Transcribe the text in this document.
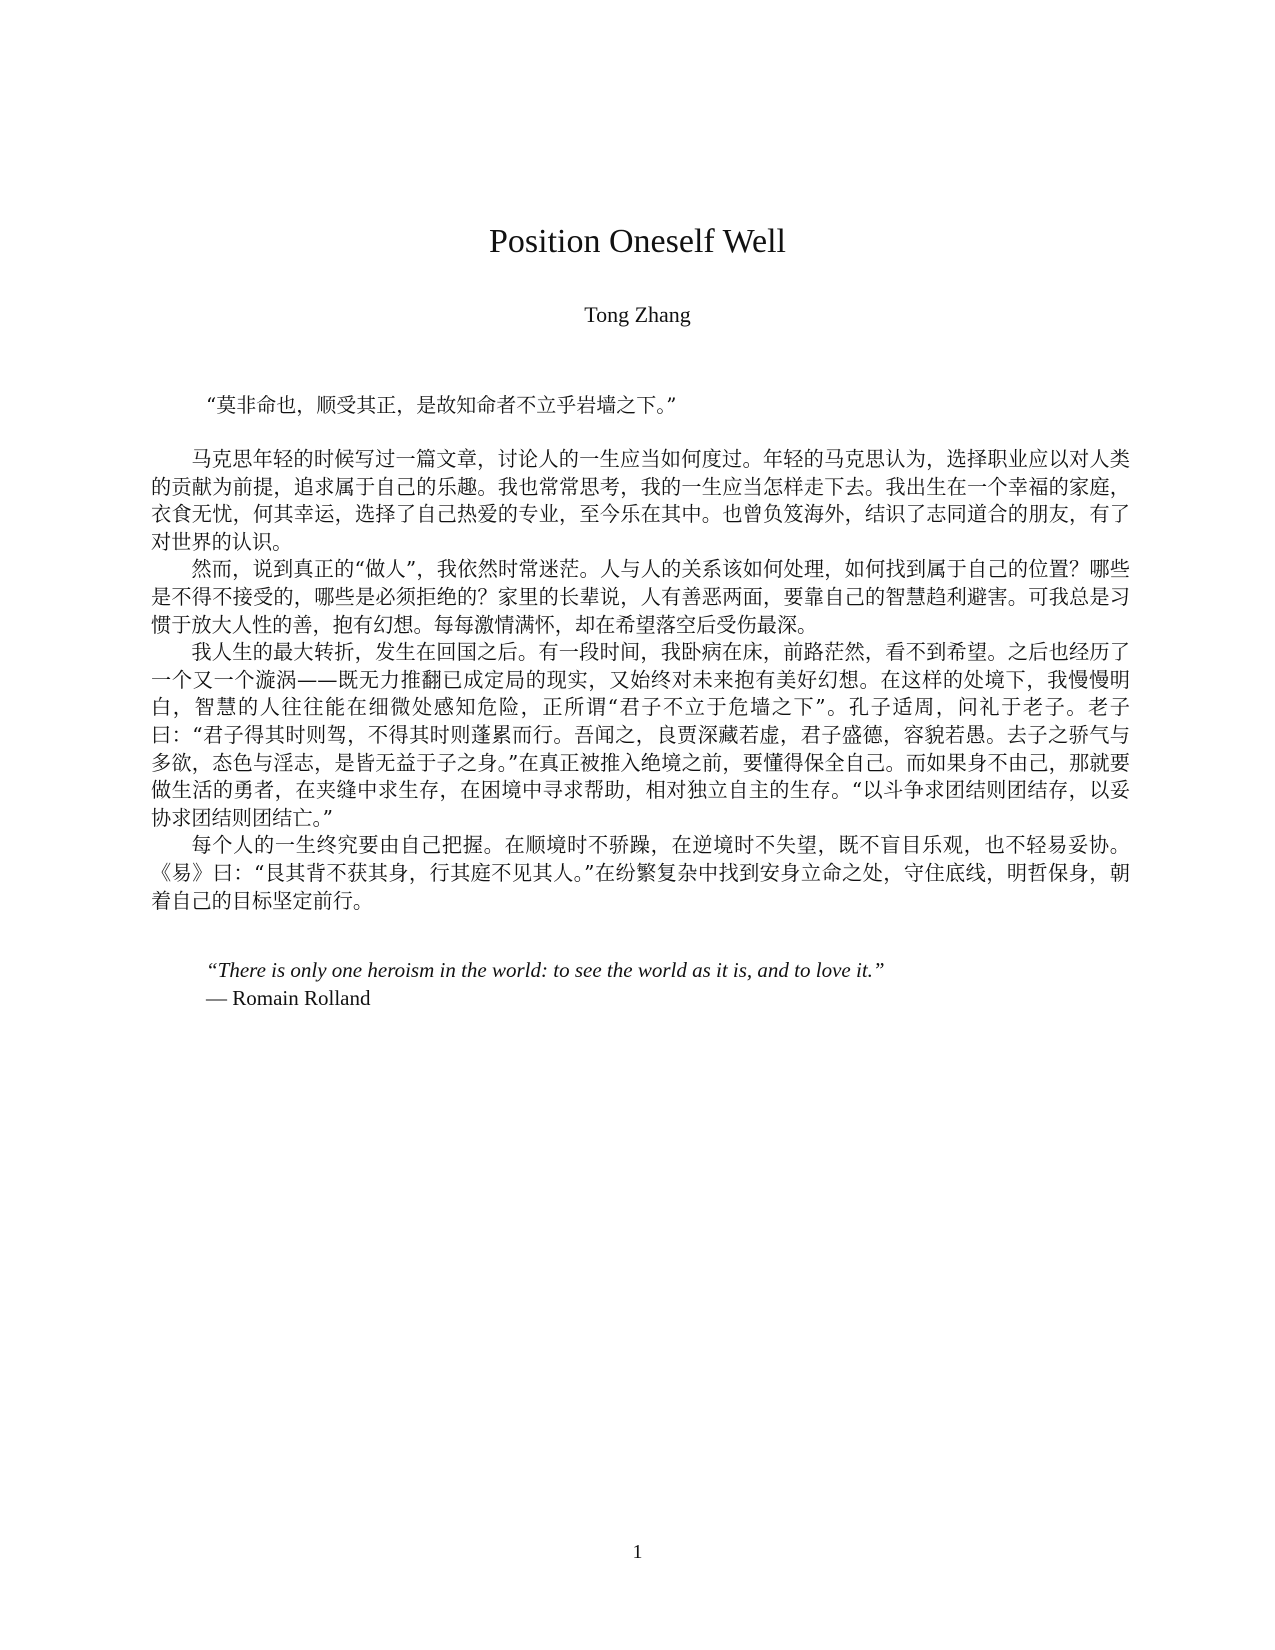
Position Oneself Well
Tong Zhang
“莫非命也，顺受其正，是故知命者不立乎岩墙之下。”

马克思年轻的时候写过一篇文章，讨论人的一生应当如何度过。年轻的马克思认为，选择职业应以对人类的贡献为前提，追求属于自己的乐趣。我也常常思考，我的一生应当怎样走下去。我出生在一个幸福的家庭，衣食无忧，何其幸运，选择了自己热爱的专业，至今乐在其中。也曾负笈海外，结识了志同道合的朋友，有了对世界的认识。

然而，说到真正的“做人”，我依然时常迷茫。人与人的关系该如何处理，如何找到属于自己的位置？哪些是不得不接受的，哪些是必须拒绝的？家里的长辈说，人有善恶两面，要靠自己的智慧趋利避害。可我总是习惯于放大人性的善，抱有幻想。每每激情满怀，却在希望落空后受伤最深。

我人生的最大转折，发生在回国之后。有一段时间，我卧病在床，前路茫然，看不到希望。之后也经历了一个又一个漩涡——既无力推翻已成定局的现实，又始终对未来抱有美好幻想。在这样的处境下，我慢慢明白，智慧的人往往能在细微处感知危险，正所谓“君子不立于危墙之下”。孔子适周，问礼于老子。老子曰：“君子得其时则驾，不得其时则蓬累而行。吾闻之，良贾深藏若虚，君子盛德，容貌若愚。去子之骄气与多欲，态色与淫志，是皆无益于子之身。”在真正被推入绝境之前，要懂得保全自己。而如果身不由己，那就要做生活的勇者，在夹缝中求生存，在困境中寻求帮助，相对独立自主的生存。“以斗争求团结则团结存，以妥协求团结则团结亡。”

每个人的一生终究要由自己把握。在顺境时不骄躁，在逆境时不失望，既不盲目乐观，也不轻易妥协。《易》曰：“艮其背不获其身，行其庭不见其人。”在纷繁复杂中找到安身立命之处，守住底线，明哲保身，朝着自己的目标坚定前行。

“There is only one heroism in the world: to see the world as it is, and to love it.”
— Romain Rolland
1
